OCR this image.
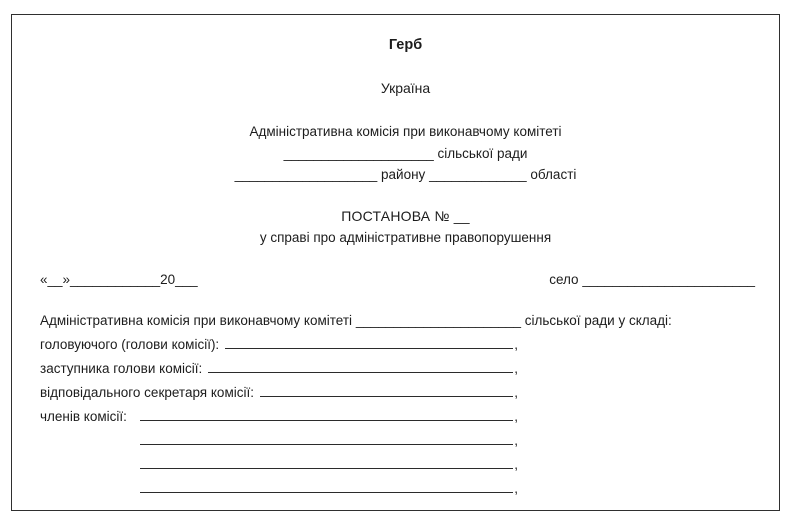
Герб
Україна
Адміністративна комісія при виконавчому комітеті
____________________ сільської ради
___________________ району _____________ області
ПОСТАНОВА № __
у справі про адміністративне правопорушення
«__»____________20___	село _______________________
Адміністративна комісія при виконавчому комітеті ______________________ сільської ради у складі:
головуючого (голови комісії):	,
заступника голови комісії:	,
відповідального секретаря комісії:	,
членів комісії:	,
,
,
,
